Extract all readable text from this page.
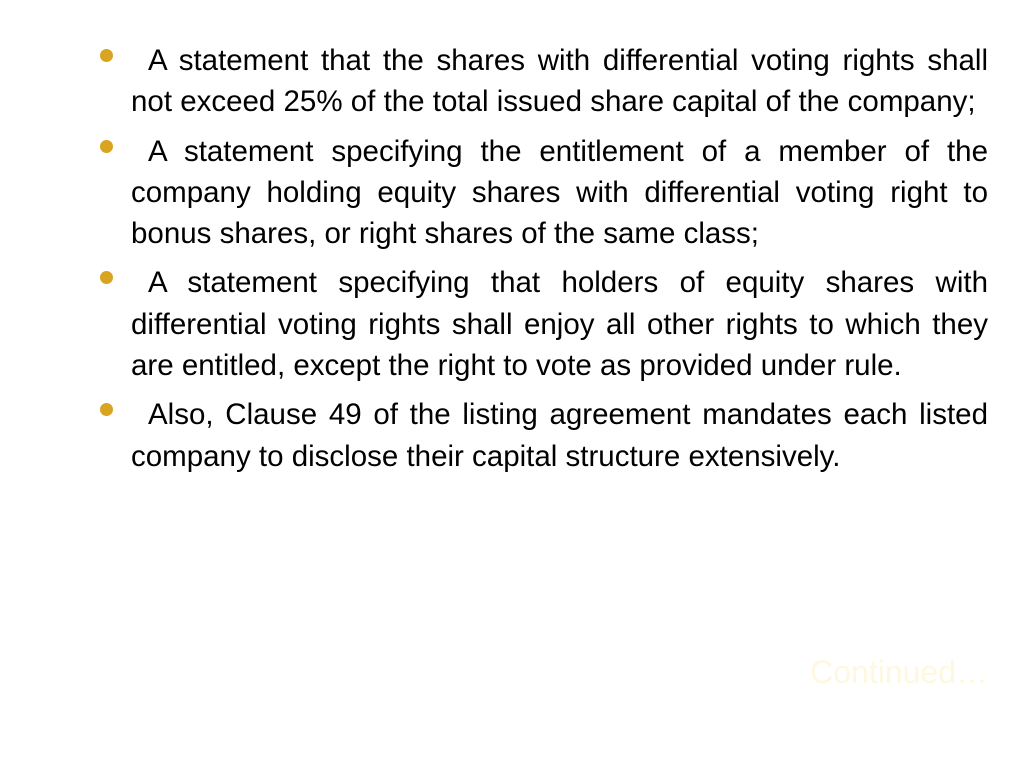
A statement that the shares with differential voting rights shall not exceed 25% of the total issued share capital of the company;
A statement specifying the entitlement of a member of the company holding equity shares with differential voting right to bonus shares, or right shares of the same class;
A statement specifying that holders of equity shares with differential voting rights shall enjoy all other rights to which they are entitled, except the right to vote as provided under rule.
Also, Clause 49 of the listing agreement mandates each listed company to disclose their capital structure extensively.
Continued…
